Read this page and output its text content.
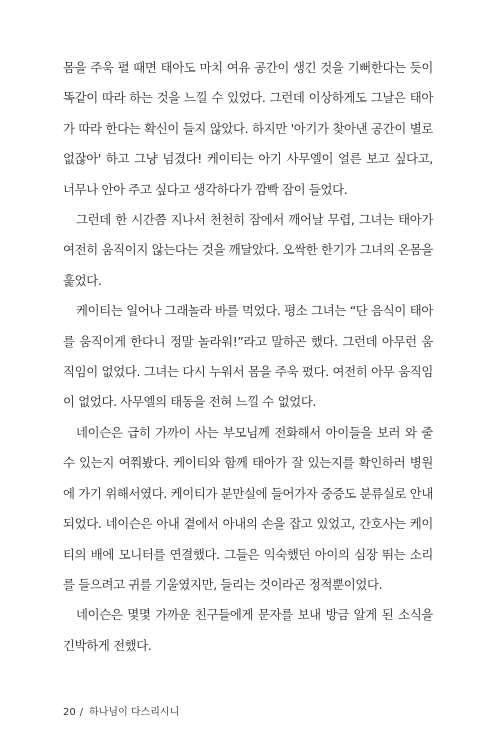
몸을 주욱 펼 때면 태아도 마치 여유 공간이 생긴 것을 기뻐한다는 듯이 똑같이 따라 하는 것을 느낄 수 있었다. 그런데 이상하게도 그날은 태아가 따라 한다는 확신이 들지 않았다. 하지만 '아기가 찾아낸 공간이 별로 없잖아' 하고 그냥 넘겼다! 케이티는 아기 사무엘이 얼른 보고 싶다고, 너무나 안아 주고 싶다고 생각하다가 깜빡 잠이 들었다.

그런데 한 시간쯤 지나서 천천히 잠에서 깨어날 무렵, 그녀는 태아가 여전히 움직이지 않는다는 것을 깨달았다. 오싹한 한기가 그녀의 온몸을 훑었다.

케이티는 일어나 그래놀라 바를 먹었다. 평소 그녀는 “단 음식이 태아를 움직이게 한다니 정말 놀라워!”라고 말하곤 했다. 그런데 아무런 움직임이 없었다. 그녀는 다시 누워서 몸을 주욱 폈다. 여전히 아무 움직임이 없었다. 사무엘의 태동을 전혀 느낄 수 없었다.

네이슨은 급히 가까이 사는 부모님께 전화해서 아이들을 보러 와 줄 수 있는지 여쭤봤다. 케이티와 함께 태아가 잘 있는지를 확인하러 병원에 가기 위해서였다. 케이티가 분만실에 들어가자 중증도 분류실로 안내되었다. 네이슨은 아내 곁에서 아내의 손을 잡고 있었고, 간호사는 케이티의 배에 모니터를 연결했다. 그들은 익숙했던 아이의 심장 뛰는 소리를 들으려고 귀를 기울였지만, 들리는 것이라곤 정적뿐이었다.

네이슨은 몇몇 가까운 친구들에게 문자를 보내 방금 알게 된 소식을 긴박하게 전했다.

20 / 하나님이 다스리시니
